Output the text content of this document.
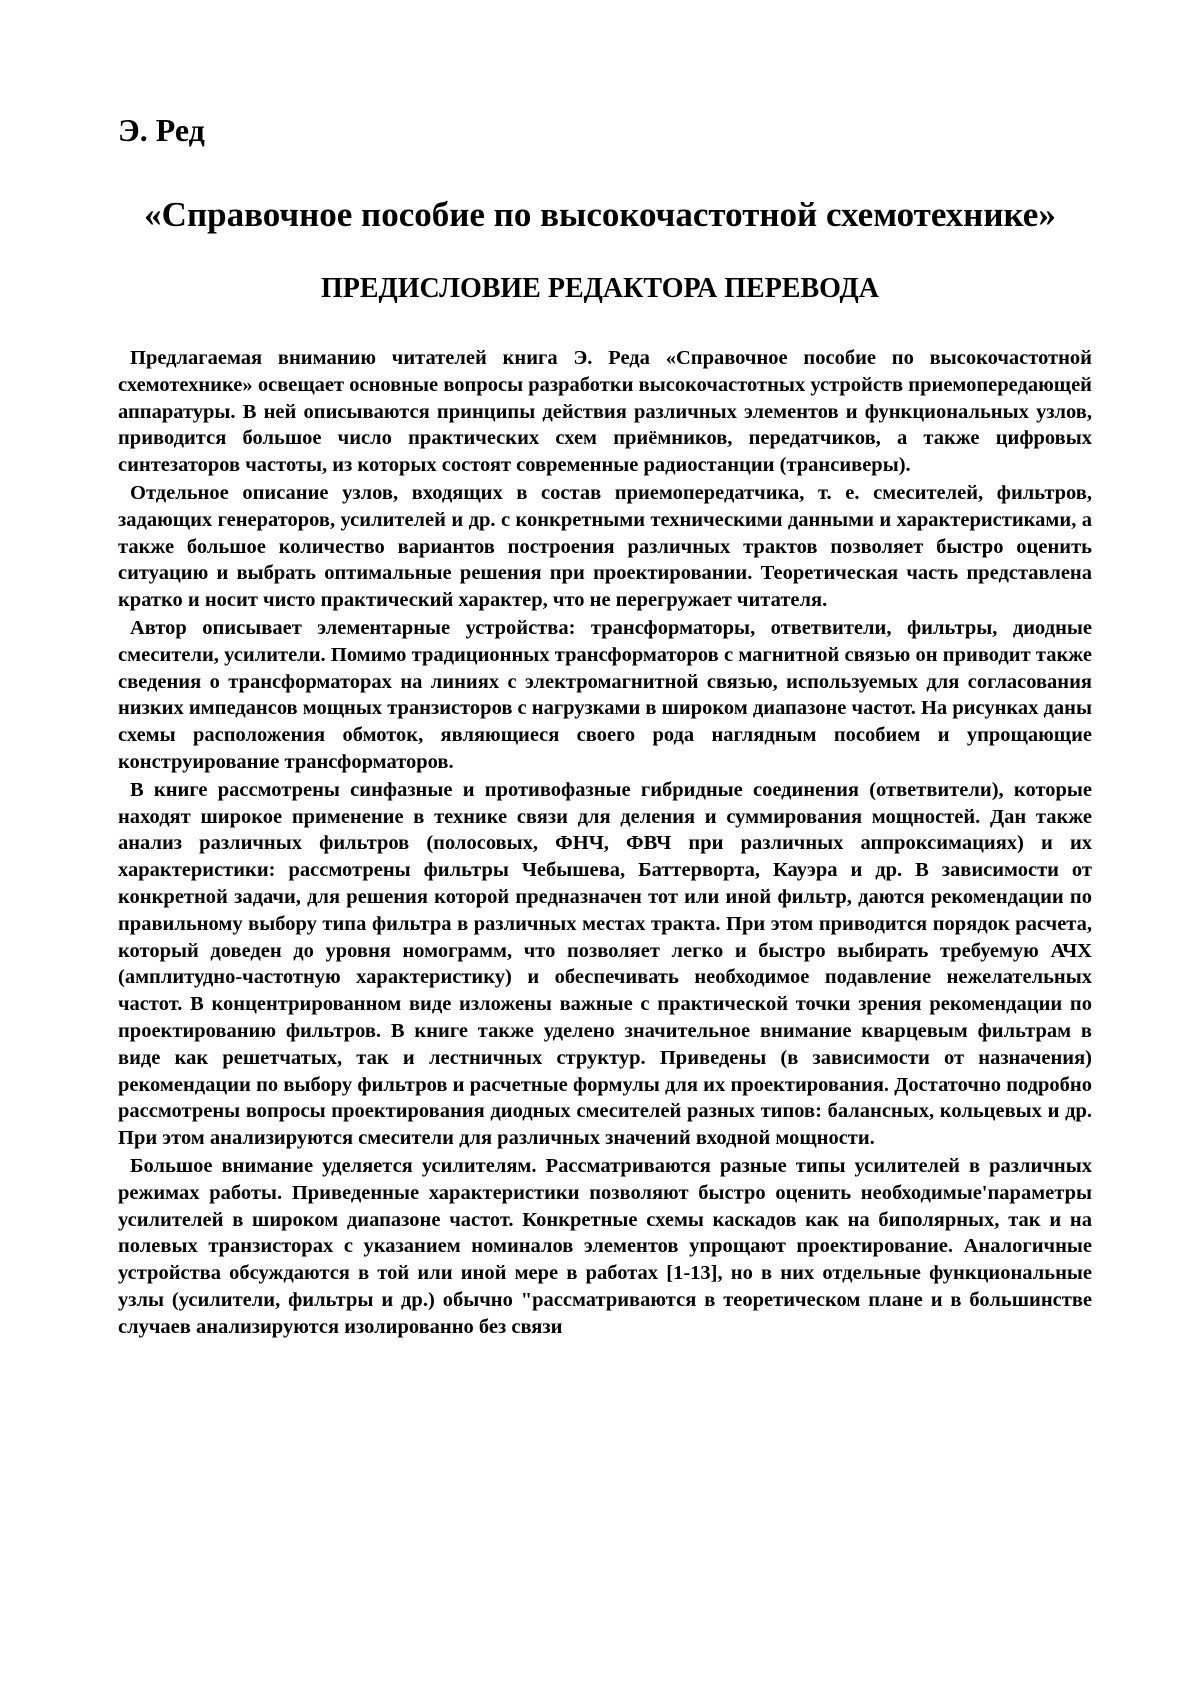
Э. Ред
«Справочное пособие по высокочастотной схемотехнике»
ПРЕДИСЛОВИЕ РЕДАКТОРА ПЕРЕВОДА

Предлагаемая вниманию читателей книга Э. Реда «Справочное пособие по высокочастотной схемотехнике» освещает основные вопросы разработки высокочастотных устройств приемопередающей аппаратуры. В ней описываются принципы действия различных элементов и функциональных узлов, приводится большое число практических схем приёмников, передатчиков, а также цифровых синтезаторов частоты, из которых состоят современные радиостанции (трансиверы).

Отдельное описание узлов, входящих в состав приемопередатчика, т. е. смесителей, фильтров, задающих генераторов, усилителей и др. с конкретными техническими данными и характеристиками, а также большое количество вариантов построения различных трактов позволяет быстро оценить ситуацию и выбрать оптимальные решения при проектировании. Теоретическая часть представлена кратко и носит чисто практический характер, что не перегружает читателя.

Автор описывает элементарные устройства: трансформаторы, ответвители, фильтры, диодные смесители, усилители. Помимо традиционных трансформаторов с магнитной связью он приводит также сведения о трансформаторах на линиях с электромагнитной связью, используемых для согласования низких импедансов мощных транзисторов с нагрузками в широком диапазоне частот. На рисунках даны схемы расположения обмоток, являющиеся своего рода наглядным пособием и упрощающие конструирование трансформаторов.

В книге рассмотрены синфазные и противофазные гибридные соединения (ответвители), которые находят широкое применение в технике связи для деления и суммирования мощностей. Дан также анализ различных фильтров (полосовых, ФНЧ, ФВЧ при различных аппроксимациях) и их характеристики: рассмотрены фильтры Чебышева, Баттерворта, Кауэра и др. В зависимости от конкретной задачи, для решения которой предназначен тот или иной фильтр, даются рекомендации по правильному выбору типа фильтра в различных местах тракта. При этом приводится порядок расчета, который доведен до уровня номограмм, что позволяет легко и быстро выбирать требуемую АЧХ (амплитудно-частотную характеристику) и обеспечивать необходимое подавление нежелательных частот. В концентрированном виде изложены важные с практической точки зрения рекомендации по проектированию фильтров. В книге также уделено значительное внимание кварцевым фильтрам в виде как решетчатых, так и лестничных структур. Приведены (в зависимости от назначения) рекомендации по выбору фильтров и расчетные формулы для их проектирования. Достаточно подробно рассмотрены вопросы проектирования диодных смесителей разных типов: балансных, кольцевых и др. При этом анализируются смесители для различных значений входной мощности.

Большое внимание уделяется усилителям. Рассматриваются разные типы усилителей в различных режимах работы. Приведенные характеристики позволяют быстро оценить необходимые'параметры усилителей в широком диапазоне частот. Конкретные схемы каскадов как на биполярных, так и на полевых транзисторах с указанием номиналов элементов упрощают проектирование. Аналогичные устройства обсуждаются в той или иной мере в работах [1-13], но в них отдельные функциональные узлы (усилители, фильтры и др.) обычно "рассматриваются в теоретическом плане и в большинстве случаев анализируются изолированно без связи
